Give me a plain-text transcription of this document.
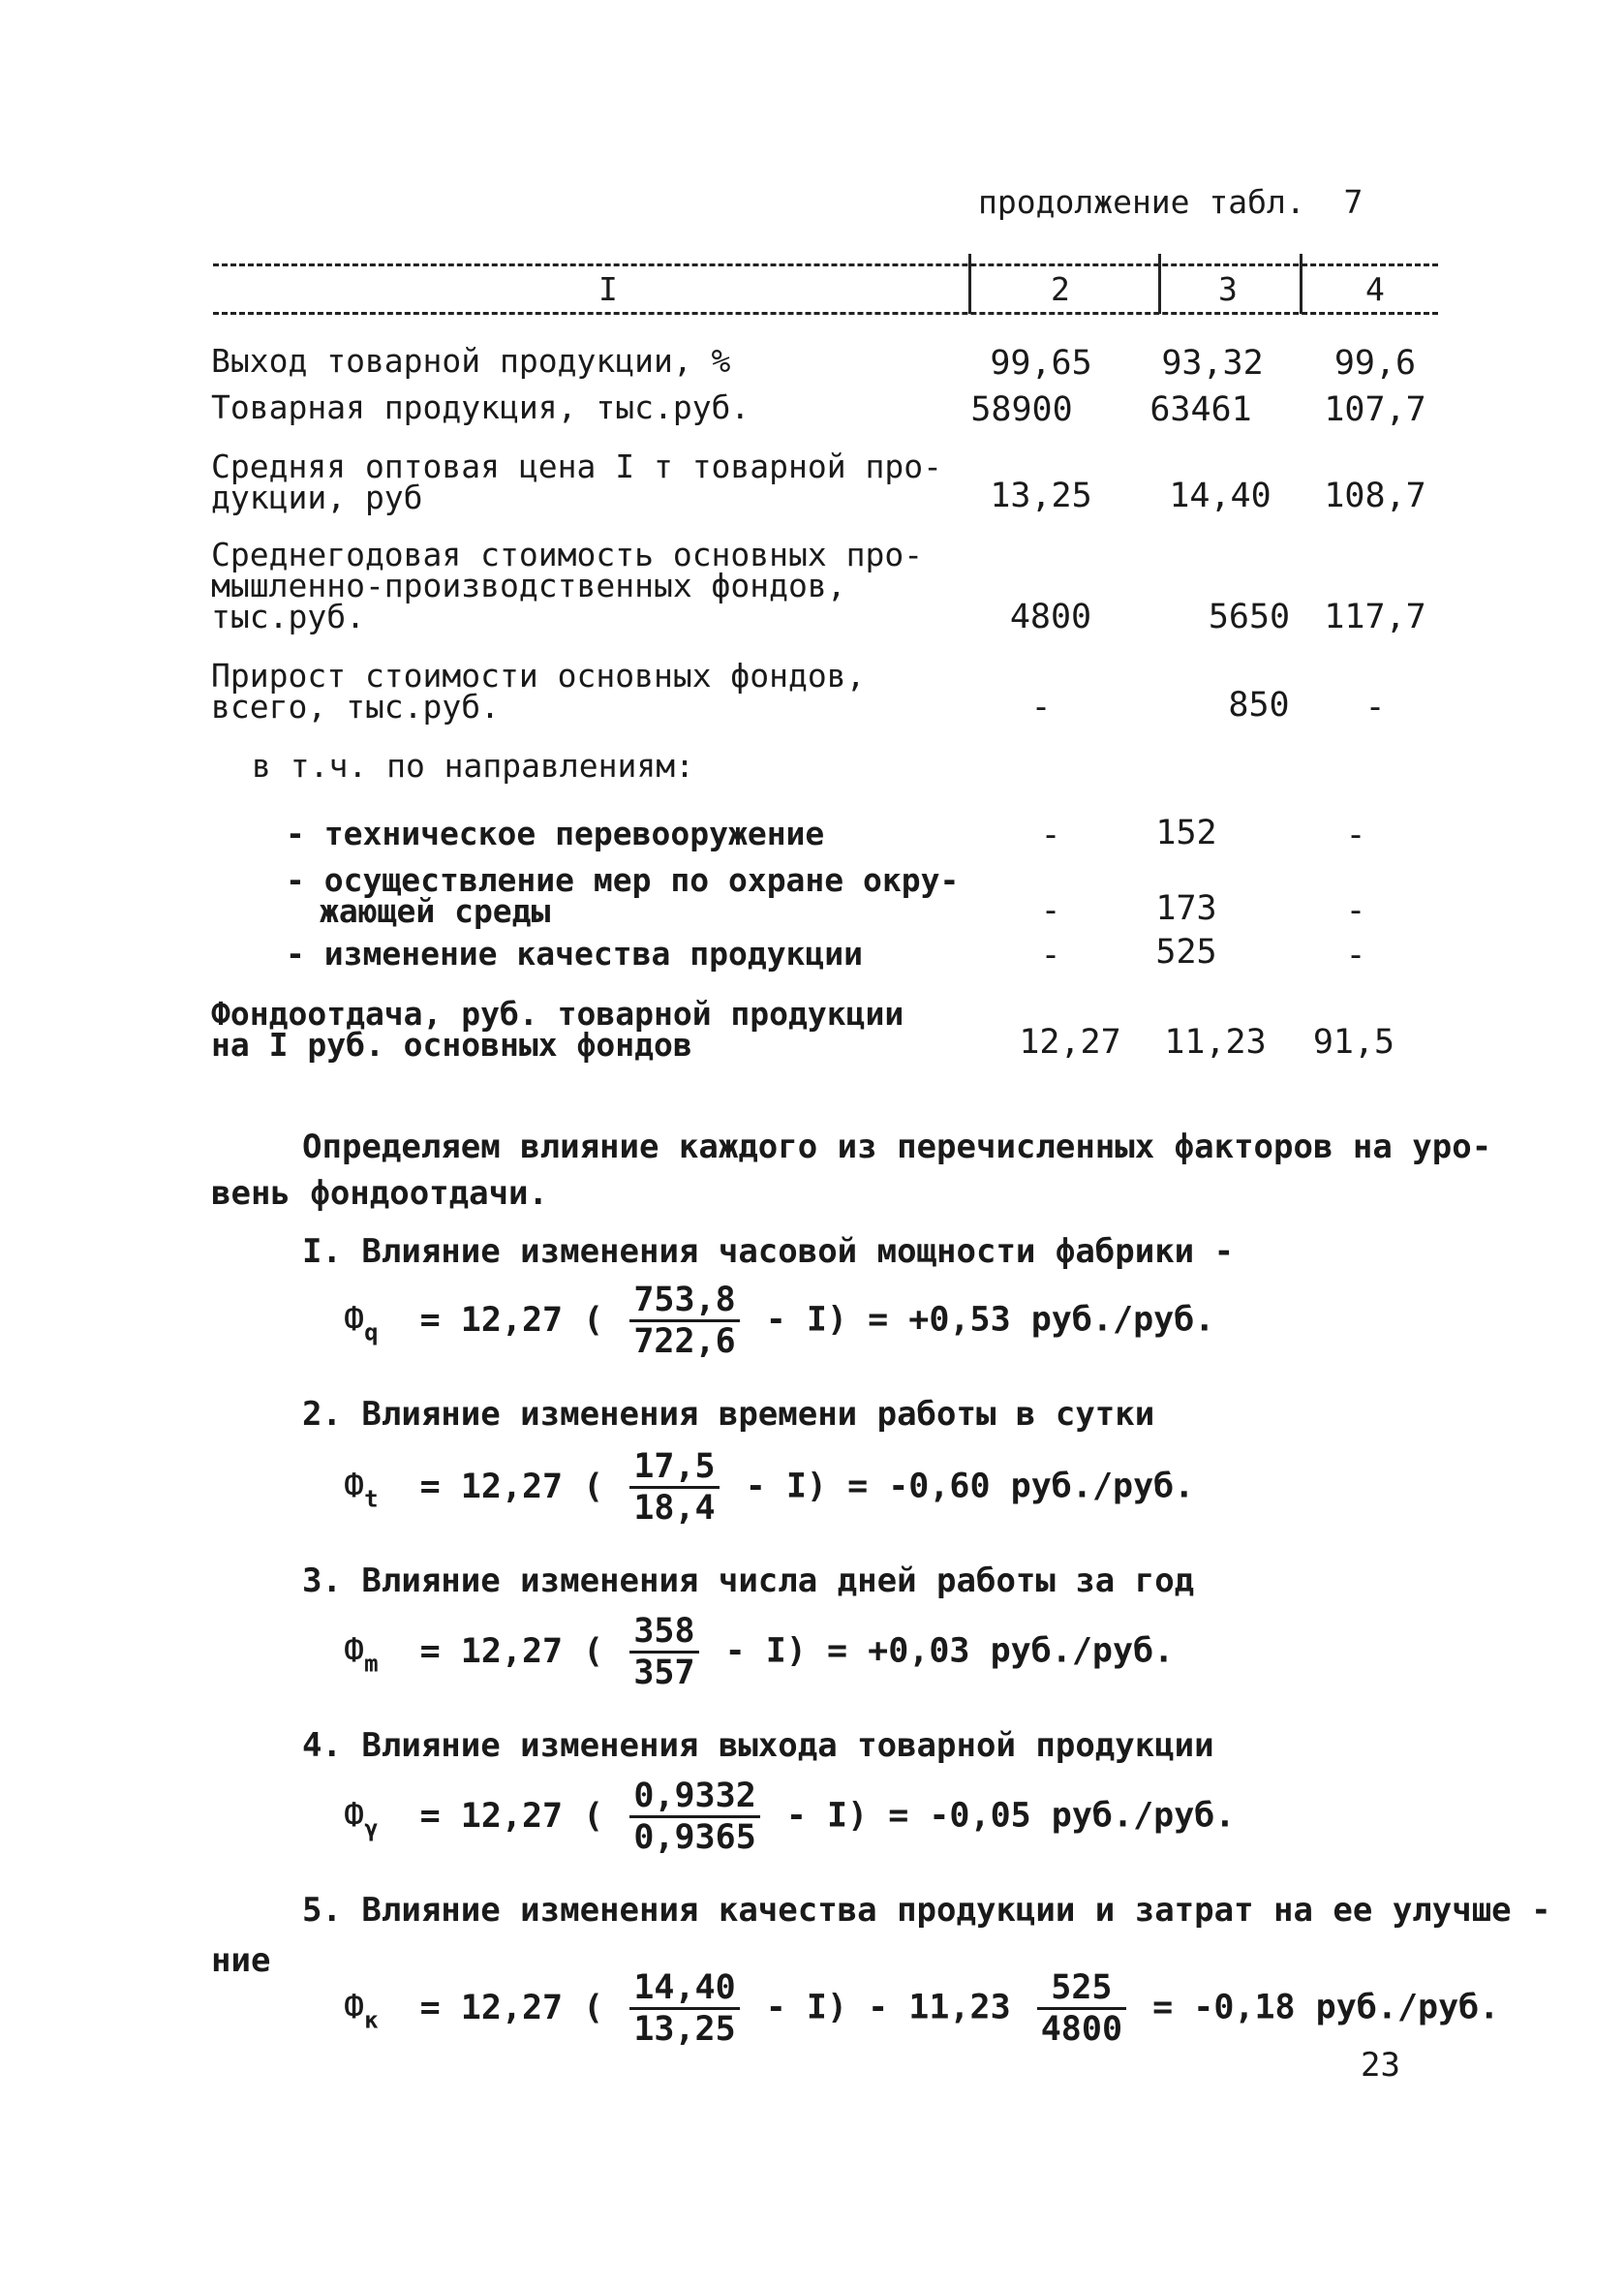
продолжение табл. 7
I	2	3	4
Выход товарной продукции, %	99,65	93,32	99,6
Товарная продукция, тыс.руб.	58900	63461	107,7
Средняя оптовая цена I т товарной про-
дукции, руб	13,25	14,40	108,7
Среднегодовая стоимость основных про-
мышленно-производственных фондов,
тыс.руб.	4800	5650	117,7
Прирост стоимости основных фондов,
всего, тыс.руб.	-	850	-
в т.ч. по направлениям:
- техническое перевооружение	-	152	-
- осуществление мер по охране окру-
жающей среды	-	173	-
- изменение качества продукции	-	525	-
Фондоотдача, руб. товарной продукции
на I руб. основных фондов	12,27	11,23	91,5
Определяем влияние каждого из перечисленных факторов на уро-
вень фондоотдачи.
I. Влияние изменения часовой мощности фабрики -
$Ф_q = 12,27$ ( $\frac{753,8}{722,6} - I) = +0,53$ руб./руб.
2. Влияние изменения времени работы в сутки
$Ф_t = 12,27$ ( $\frac{17,5}{18,4} - I) = -0,60$ руб./руб.
3. Влияние изменения числа дней работы за год
$Ф_m = 12,27$ ( $\frac{358}{357} - I) = +0,03$ руб./руб.
4. Влияние изменения выхода товарной продукции
$Ф_\gamma = 12,27$ ( $\frac{0,9332}{0,9365} - I) = -0,05$ руб./руб.
5. Влияние изменения качества продукции и затрат на ее улучше -
ние
$Ф_к = 12,27$ ( $\frac{14,40}{13,25} - I) - 11,23 \frac{525}{4800} = -0,18$ руб./руб.
23
